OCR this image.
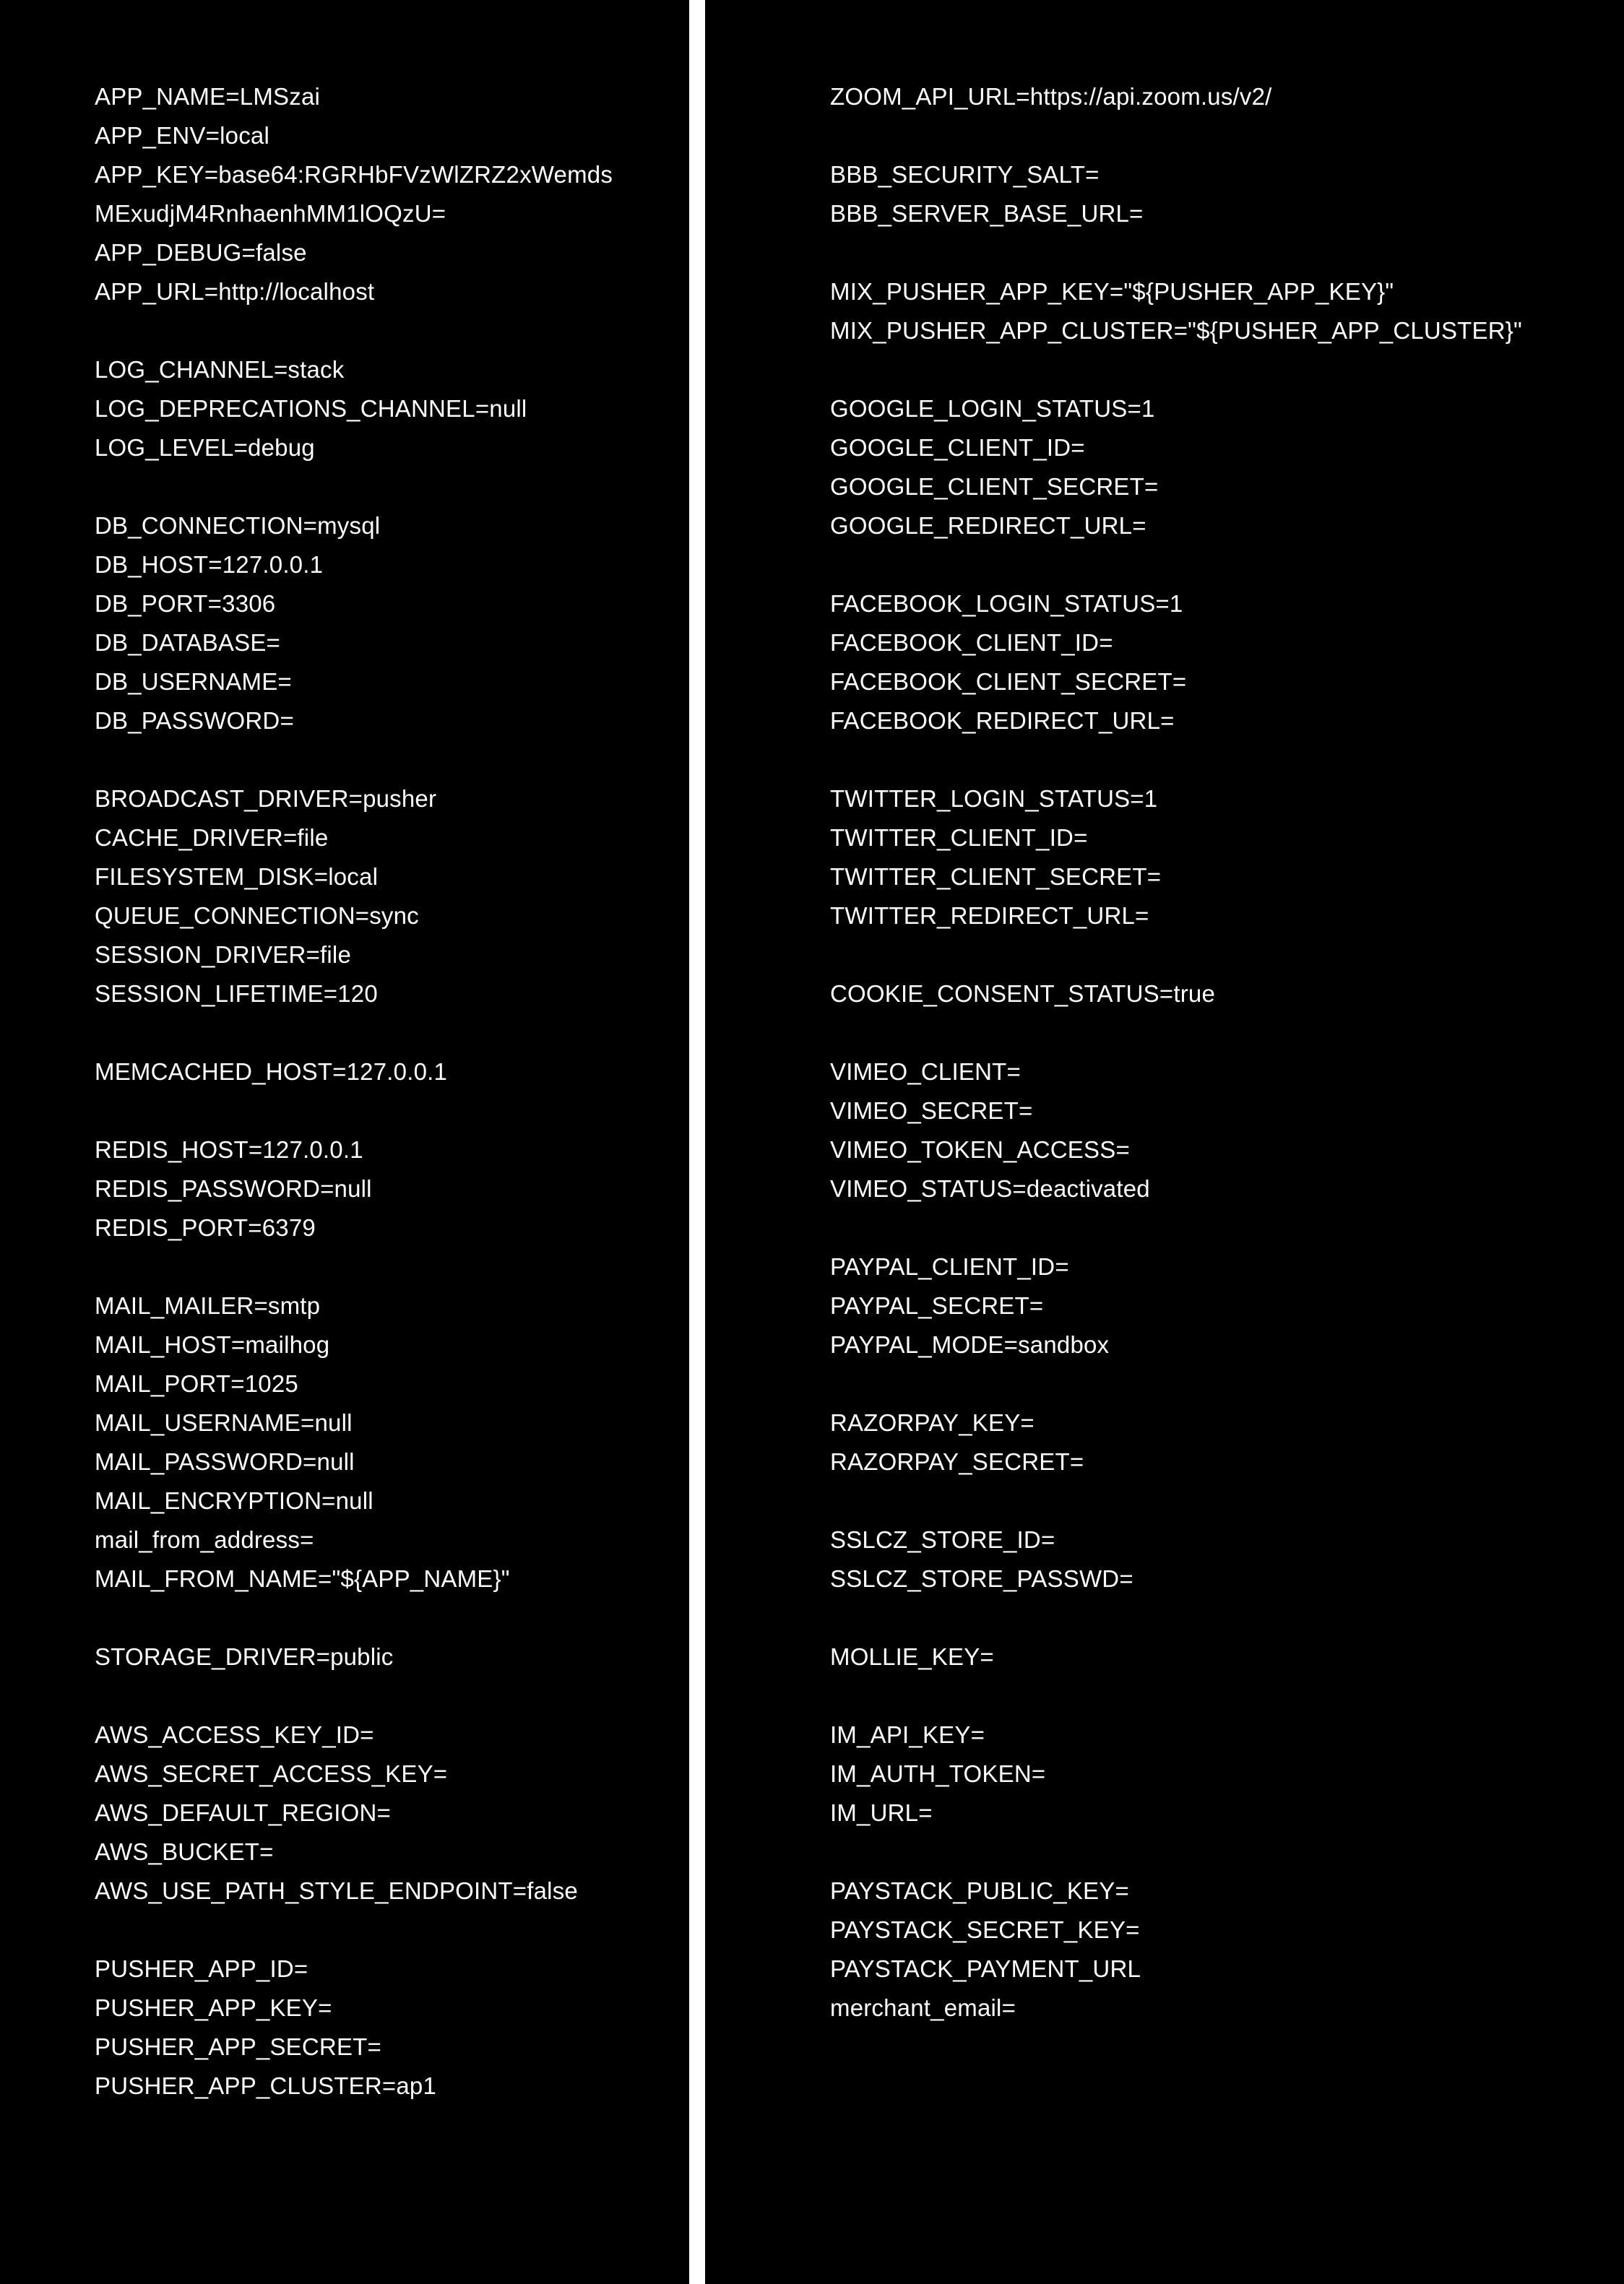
APP_NAME=LMSzai
APP_ENV=local
APP_KEY=base64:RGRHbFVzWlZRZ2xWemds
MExudjM4RnhaenhMM1lOQzU=
APP_DEBUG=false
APP_URL=http://localhost
LOG_CHANNEL=stack
LOG_DEPRECATIONS_CHANNEL=null
LOG_LEVEL=debug
DB_CONNECTION=mysql
DB_HOST=127.0.0.1
DB_PORT=3306
DB_DATABASE=
DB_USERNAME=
DB_PASSWORD=
BROADCAST_DRIVER=pusher
CACHE_DRIVER=file
FILESYSTEM_DISK=local
QUEUE_CONNECTION=sync
SESSION_DRIVER=file
SESSION_LIFETIME=120
MEMCACHED_HOST=127.0.0.1
REDIS_HOST=127.0.0.1
REDIS_PASSWORD=null
REDIS_PORT=6379
MAIL_MAILER=smtp
MAIL_HOST=mailhog
MAIL_PORT=1025
MAIL_USERNAME=null
MAIL_PASSWORD=null
MAIL_ENCRYPTION=null
mail_from_address=
MAIL_FROM_NAME="${APP_NAME}"
STORAGE_DRIVER=public
AWS_ACCESS_KEY_ID=
AWS_SECRET_ACCESS_KEY=
AWS_DEFAULT_REGION=
AWS_BUCKET=
AWS_USE_PATH_STYLE_ENDPOINT=false
PUSHER_APP_ID=
PUSHER_APP_KEY=
PUSHER_APP_SECRET=
PUSHER_APP_CLUSTER=ap1
ZOOM_API_URL=https://api.zoom.us/v2/
BBB_SECURITY_SALT=
BBB_SERVER_BASE_URL=
MIX_PUSHER_APP_KEY="${PUSHER_APP_KEY}"
MIX_PUSHER_APP_CLUSTER="${PUSHER_APP_CLUSTER}"
GOOGLE_LOGIN_STATUS=1
GOOGLE_CLIENT_ID=
GOOGLE_CLIENT_SECRET=
GOOGLE_REDIRECT_URL=
FACEBOOK_LOGIN_STATUS=1
FACEBOOK_CLIENT_ID=
FACEBOOK_CLIENT_SECRET=
FACEBOOK_REDIRECT_URL=
TWITTER_LOGIN_STATUS=1
TWITTER_CLIENT_ID=
TWITTER_CLIENT_SECRET=
TWITTER_REDIRECT_URL=
COOKIE_CONSENT_STATUS=true
VIMEO_CLIENT=
VIMEO_SECRET=
VIMEO_TOKEN_ACCESS=
VIMEO_STATUS=deactivated
PAYPAL_CLIENT_ID=
PAYPAL_SECRET=
PAYPAL_MODE=sandbox
RAZORPAY_KEY=
RAZORPAY_SECRET=
SSLCZ_STORE_ID=
SSLCZ_STORE_PASSWD=
MOLLIE_KEY=
IM_API_KEY=
IM_AUTH_TOKEN=
IM_URL=
PAYSTACK_PUBLIC_KEY=
PAYSTACK_SECRET_KEY=
PAYSTACK_PAYMENT_URL
merchant_email=
